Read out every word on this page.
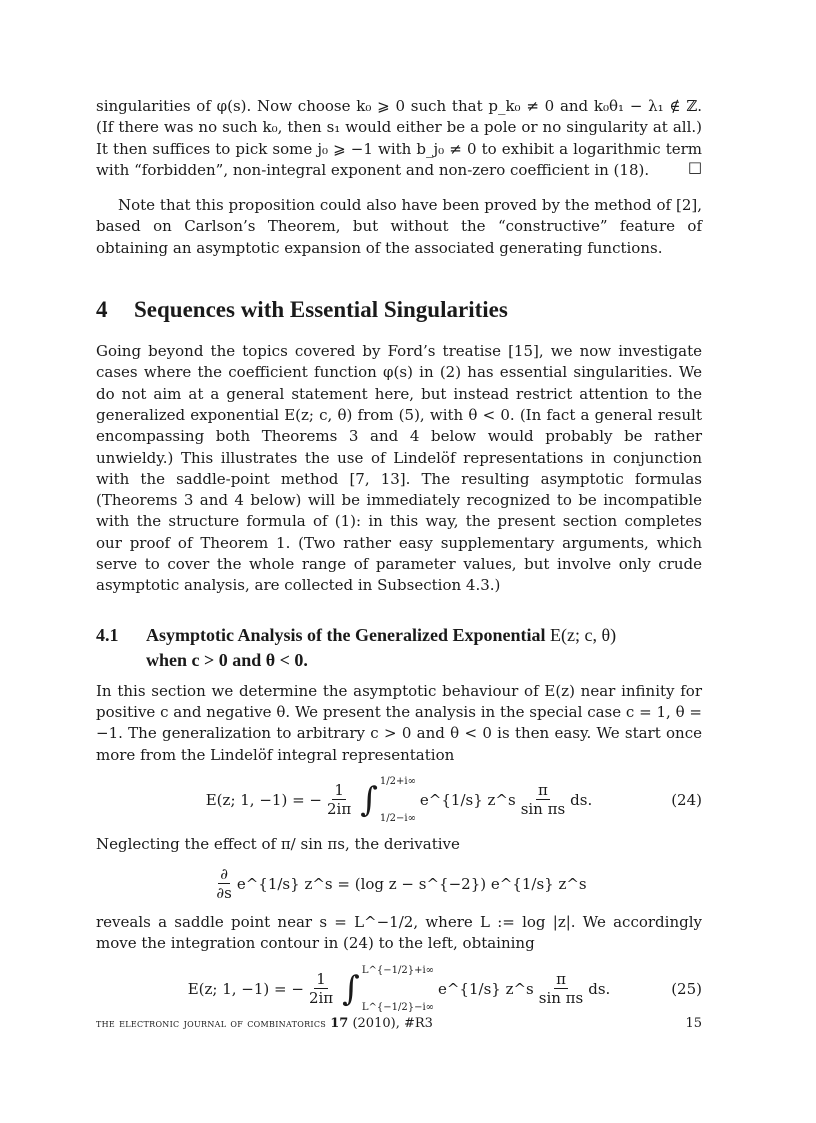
singularities of φ(s). Now choose k₀ ⩾ 0 such that p_k₀ ≠ 0 and k₀θ₁ − λ₁ ∉ ℤ. (If there was no such k₀, then s₁ would either be a pole or no singularity at all.) It then suffices to pick some j₀ ⩾ −1 with b_j₀ ≠ 0 to exhibit a logarithmic term with “forbidden”, non-integral exponent and non-zero coefficient in (18).	□

Note that this proposition could also have been proved by the method of [2], based on Carlson’s Theorem, but without the “constructive” feature of obtaining an asymptotic expansion of the associated generating functions.

4 Sequences with Essential Singularities

Going beyond the topics covered by Ford’s treatise [15], we now investigate cases where the coefficient function φ(s) in (2) has essential singularities. We do not aim at a general statement here, but instead restrict attention to the generalized exponential E(z; c, θ) from (5), with θ < 0. (In fact a general result encompassing both Theorems 3 and 4 below would probably be rather unwieldy.) This illustrates the use of Lindelöf representations in conjunction with the saddle-point method [7, 13]. The resulting asymptotic formulas (Theorems 3 and 4 below) will be immediately recognized to be incompatible with the structure formula of (1): in this way, the present section completes our proof of Theorem 1. (Two rather easy supplementary arguments, which serve to cover the whole range of parameter values, but involve only crude asymptotic analysis, are collected in Subsection 4.3.)

4.1 Asymptotic Analysis of the Generalized Exponential E(z; c, θ)
when c > 0 and θ < 0.

In this section we determine the asymptotic behaviour of E(z) near infinity for positive c and negative θ. We present the analysis in the special case c = 1, θ = −1. The generalization to arbitrary c > 0 and θ < 0 is then easy. We start once more from the Lindelöf integral representation

E(z; 1, −1) = − $\frac{1}{2i\pi}$ ∫ 1/2+i∞
1/2−i∞
e^{1/s} z^s $\frac{\pi}{\text{sin πs}}$ ds.	(24)

Neglecting the effect of π/ sin πs, the derivative

$\frac{\partial}{\partial s}$ e^{1/s} z^s = (log z − s^{−2}) e^{1/s} z^s

reveals a saddle point near s = L^−1/2, where L := log |z|. We accordingly move the integration contour in (24) to the left, obtaining

E(z; 1, −1) = − $\frac{1}{2i\pi}$ ∫ L^{−1/2}+i∞
L^{−1/2}−i∞
e^{1/s} z^s $\frac{\pi}{\text{sin πs}}$ ds.	(25)
the electronic journal of combinatorics 17 (2010), #R3	15
